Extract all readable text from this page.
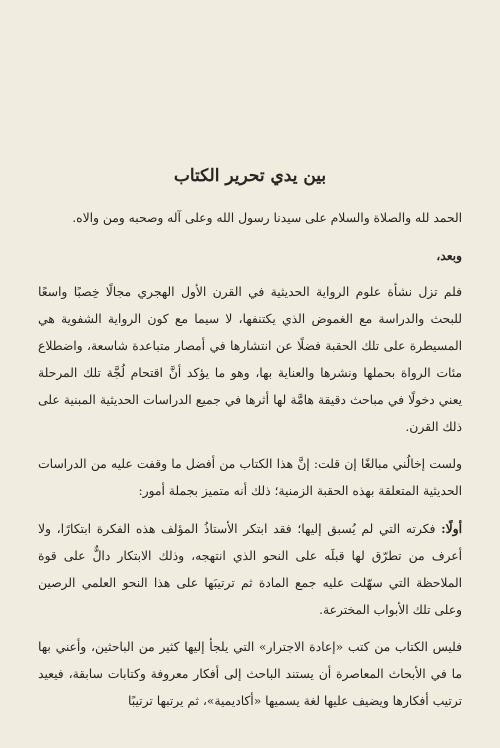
بين يدي تحرير الكتاب

الحمد لله والصلاة والسلام على سيدنا رسول الله وعلى آله وصحبه ومن والاه.

وبعد،

فلم تزل نشأة علوم الرواية الحديثية في القرن الأول الهجري مجالًا خِصبًا واسعًا للبحث والدراسة مع الغموض الذي يكتنفها، لا سيما مع كون الرواية الشفوية هي المسيطرة على تلك الحقبة فضلًا عن انتشارها في أمصار متباعدة شاسعة، واضطلاع مئات الرواة بحملها ونشرها والعناية بها، وهو ما يؤكد أنَّ اقتحام لُجَّة تلك المرحلة يعني دخولًا في مباحث دقيقة هامَّة لها أثرها في جميع الدراسات الحديثية المبنية على ذلك القرن.

ولست إخالُني مبالغًا إن قلت: إنَّ هذا الكتاب من أفضل ما وقفت عليه من الدراسات الحديثية المتعلقة بهذه الحقبة الزمنية؛ ذلك أنه متميز بجملة أمور:

أولًا: فكرته التي لم يُسبق إليها؛ فقد ابتكر الأستاذُ المؤلف هذه الفكرة ابتكارًا، ولا أعرف من تطرّق لها قبلَه على النحو الذي انتهجه، وذلك الابتكار دالٌّ على قوة الملاحظة التي سهّلت عليه جمع المادة ثم ترتيبَها على هذا النحو العلمي الرصين وعلى تلك الأبواب المخترعة.

فليس الكتاب من كتب «إعادة الاجترار» التي يلجأ إليها كثير من الباحثين، وأعني بها ما في الأبحاث المعاصرة أن يستند الباحث إلى أفكار معروفة وكتابات سابقة، فيعيد ترتيب أفكارها ويضيف عليها لغة يسميها «أكاديمية»، ثم يرتبها ترتيبًا
